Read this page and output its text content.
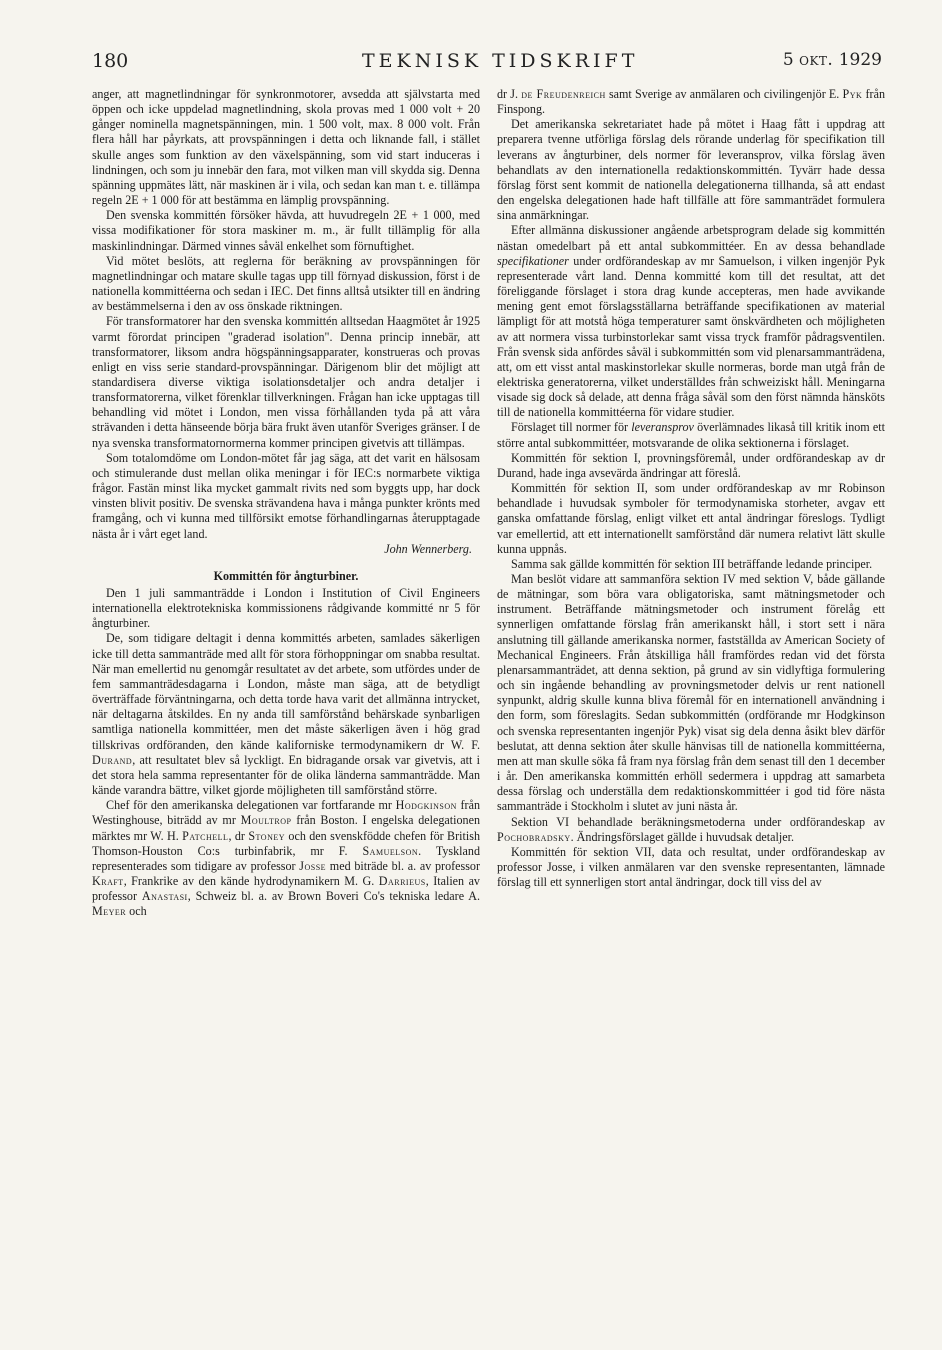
180	TEKNISK TIDSKRIFT	5 okt. 1929

anger, att magnetlindningar för synkronmotorer, avsedda att självstarta med öppen och icke uppdelad magnetlindning, skola provas med 1 000 volt + 20 gånger nominella magnetspänningen, min. 1 500 volt, max. 8 000 volt. Från flera håll har påyrkats, att provspänningen i detta och liknande fall, i stället skulle anges som funktion av den växelspänning, som vid start induceras i lindningen, och som ju innebär den fara, mot vilken man vill skydda sig. Denna spänning uppmätes lätt, när maskinen är i vila, och sedan kan man t. e. tillämpa regeln 2E + 1 000 för att bestämma en lämplig provspänning.

Den svenska kommittén försöker hävda, att huvudregeln 2E + 1 000, med vissa modifikationer för stora maskiner m. m., är fullt tillämplig för alla maskinlindningar. Därmed vinnes såväl enkelhet som förnuftighet.

Vid mötet beslöts, att reglerna för beräkning av provspänningen för magnetlindningar och matare skulle tagas upp till förnyad diskussion, först i de nationella kommittéerna och sedan i IEC. Det finns alltså utsikter till en ändring av bestämmelserna i den av oss önskade riktningen.

För transformatorer har den svenska kommittén alltsedan Haagmötet år 1925 varmt förordat principen "graderad isolation". Denna princip innebär, att transformatorer, liksom andra högspänningsapparater, konstrueras och provas enligt en viss serie standard-provspänningar. Därigenom blir det möjligt att standardisera diverse viktiga isolationsdetaljer och andra detaljer i transformatorerna, vilket förenklar tillverkningen. Frågan han icke upptagas till behandling vid mötet i London, men vissa förhållanden tyda på att våra strävanden i detta hänseende börja bära frukt även utanför Sveriges gränser. I de nya svenska transformatornormerna kommer principen givetvis att tillämpas.

Som totalomdöme om London-mötet får jag säga, att det varit en hälsosam och stimulerande dust mellan olika meningar i för IEC:s normarbete viktiga frågor. Fastän minst lika mycket gammalt rivits ned som byggts upp, har dock vinsten blivit positiv. De svenska strävandena hava i många punkter krönts med framgång, och vi kunna med tillförsikt emotse förhandlingarnas återupptagade nästa år i vårt eget land.

John Wennerberg.
Kommittén för ångturbiner.

Den 1 juli sammanträdde i London i Institution of Civil Engineers internationella elektrotekniska kommissionens rådgivande kommitté nr 5 för ångturbiner.

De, som tidigare deltagit i denna kommittés arbeten, samlades säkerligen icke till detta sammanträde med allt för stora förhoppningar om snabba resultat. När man emellertid nu genomgår resultatet av det arbete, som utfördes under de fem sammanträdesdagarna i London, måste man säga, att de betydligt överträffade förväntningarna, och detta torde hava varit det allmänna intrycket, när deltagarna åtskildes. En ny anda till samförstånd behärskade synbarligen samtliga nationella kommittéer, men det måste säkerligen även i hög grad tillskrivas ordföranden, den kände kaliforniske termodynamikern dr W. F. Durand, att resultatet blev så lyckligt. En bidragande orsak var givetvis, att i det stora hela samma representanter för de olika länderna sammanträdde. Man kände varandra bättre, vilket gjorde möjligheten till samförstånd större.

Chef för den amerikanska delegationen var fortfarande mr Hodgkinson från Westinghouse, biträdd av mr Moultrop från Boston. I engelska delegationen märktes mr W. H. Patchell, dr Stoney och den svenskfödde chefen för British Thomson-Houston Co:s turbinfabrik, mr F. Samuelson. Tyskland representerades som tidigare av professor Josse med biträde bl. a. av professor Kraft, Frankrike av den kände hydrodynamikern M. G. Darrieus, Italien av professor Anastasi, Schweiz bl. a. av Brown Boveri Co's tekniska ledare A. Meyer och

dr J. de Freudenreich samt Sverige av anmälaren och civilingenjör E. Pyk från Finspong.

Det amerikanska sekretariatet hade på mötet i Haag fått i uppdrag att preparera tvenne utförliga förslag dels rörande underlag för specifikation till leverans av ångturbiner, dels normer för leveransprov, vilka förslag även behandlats av den internationella redaktionskommittén. Tyvärr hade dessa förslag först sent kommit de nationella delegationerna tillhanda, så att endast den engelska delegationen hade haft tillfälle att före sammanträdet formulera sina anmärkningar.

Efter allmänna diskussioner angående arbetsprogram delade sig kommittén nästan omedelbart på ett antal subkommittéer. En av dessa behandlade specifikationer under ordförandeskap av mr Samuelson, i vilken ingenjör Pyk representerade vårt land. Denna kommitté kom till det resultat, att det föreliggande förslaget i stora drag kunde accepteras, men hade avvikande mening gent emot förslagsställarna beträffande specifikationen av material lämpligt för att motstå höga temperaturer samt önskvärdheten och möjligheten av att normera vissa turbinstorlekar samt vissa tryck framför pådragsventilen. Från svensk sida anfördes såväl i subkommittén som vid plenarsammanträdena, att, om ett visst antal maskinstorlekar skulle normeras, borde man utgå från de elektriska generatorerna, vilket underställdes från schweiziskt håll. Meningarna visade sig dock så delade, att denna fråga såväl som den först nämnda hänsköts till de nationella kommittéerna för vidare studier.

Förslaget till normer för leveransprov överlämnades likaså till kritik inom ett större antal subkommittéer, motsvarande de olika sektionerna i förslaget.

Kommittén för sektion I, provningsföremål, under ordförandeskap av dr Durand, hade inga avsevärda ändringar att föreslå.

Kommittén för sektion II, som under ordförandeskap av mr Robinson behandlade i huvudsak symboler för termodynamiska storheter, avgav ett ganska omfattande förslag, enligt vilket ett antal ändringar föreslogs. Tydligt var emellertid, att ett internationellt samförstånd där numera relativt lätt skulle kunna uppnås.

Samma sak gällde kommittén för sektion III beträffande ledande principer.

Man beslöt vidare att sammanföra sektion IV med sektion V, både gällande de mätningar, som böra vara obligatoriska, samt mätningsmetoder och instrument. Beträffande mätningsmetoder och instrument förelåg ett synnerligen omfattande förslag från amerikanskt håll, i stort sett i nära anslutning till gällande amerikanska normer, fastställda av American Society of Mechanical Engineers. Från åtskilliga håll framfördes redan vid det första plenarsammanträdet, att denna sektion, på grund av sin vidlyftiga formulering och sin ingående behandling av provningsmetoder delvis ur rent nationell synpunkt, aldrig skulle kunna bliva föremål för en internationell användning i den form, som föreslagits. Sedan subkommittén (ordförande mr Hodgkinson och svenska representanten ingenjör Pyk) visat sig dela denna åsikt blev därför beslutat, att denna sektion åter skulle hänvisas till de nationella kommittéerna, men att man skulle söka få fram nya förslag från dem senast till den 1 december i år. Den amerikanska kommittén erhöll sedermera i uppdrag att samarbeta dessa förslag och underställa dem redaktionskommittéer i god tid före nästa sammanträde i Stockholm i slutet av juni nästa år.

Sektion VI behandlade beräkningsmetoderna under ordförandeskap av Pochobradsky. Ändringsförslaget gällde i huvudsak detaljer.

Kommittén för sektion VII, data och resultat, under ordförandeskap av professor Josse, i vilken anmälaren var den svenske representanten, lämnade förslag till ett synnerligen stort antal ändringar, dock till viss del av
